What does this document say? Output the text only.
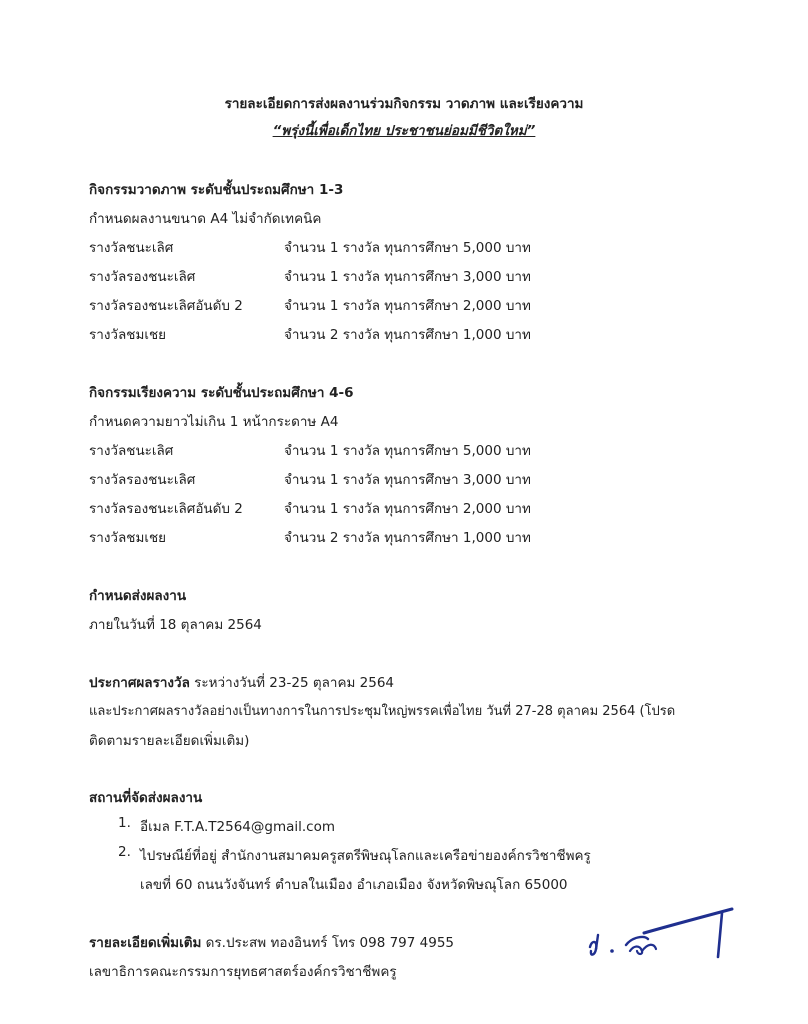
รายละเอียดการส่งผลงานร่วมกิจกรรม วาดภาพ และเรียงความ
“พรุ่งนี้เพื่อเด็กไทย ประชาชนย่อมมีชีวิตใหม่”
กิจกรรมวาดภาพ ระดับชั้นประถมศึกษา 1-3
กำหนดผลงานขนาด A4 ไม่จำกัดเทคนิค
รางวัลชนะเลิศ	จำนวน 1 รางวัล ทุนการศึกษา 5,000 บาท
รางวัลรองชนะเลิศ	จำนวน 1 รางวัล ทุนการศึกษา 3,000 บาท
รางวัลรองชนะเลิศอันดับ 2	จำนวน 1 รางวัล ทุนการศึกษา 2,000 บาท
รางวัลชมเชย	จำนวน 2 รางวัล ทุนการศึกษา 1,000 บาท
กิจกรรมเรียงความ ระดับชั้นประถมศึกษา 4-6
กำหนดความยาวไม่เกิน 1 หน้ากระดาษ A4
รางวัลชนะเลิศ	จำนวน 1 รางวัล ทุนการศึกษา 5,000 บาท
รางวัลรองชนะเลิศ	จำนวน 1 รางวัล ทุนการศึกษา 3,000 บาท
รางวัลรองชนะเลิศอันดับ 2	จำนวน 1 รางวัล ทุนการศึกษา 2,000 บาท
รางวัลชมเชย	จำนวน 2 รางวัล ทุนการศึกษา 1,000 บาท
กำหนดส่งผลงาน
ภายในวันที่ 18 ตุลาคม 2564
ประกาศผลรางวัล ระหว่างวันที่ 23-25 ตุลาคม 2564
และประกาศผลรางวัลอย่างเป็นทางการในการประชุมใหญ่พรรคเพื่อไทย วันที่ 27-28 ตุลาคม 2564 (โปรด
ติดตามรายละเอียดเพิ่มเติม)
สถานที่จัดส่งผลงาน
1. อีเมล F.T.A.T2564@gmail.com
2. ไปรษณีย์ที่อยู่ สำนักงานสมาคมครูสตรีพิษณุโลกและเครือข่ายองค์กรวิชาชีพครู
เลขที่ 60 ถนนวังจันทร์ ตำบลในเมือง อำเภอเมือง จังหวัดพิษณุโลก 65000
รายละเอียดเพิ่มเติม ดร.ประสพ ทองอินทร์ โทร 098 797 4955
เลขาธิการคณะกรรมการยุทธศาสตร์องค์กรวิชาชีพครู
